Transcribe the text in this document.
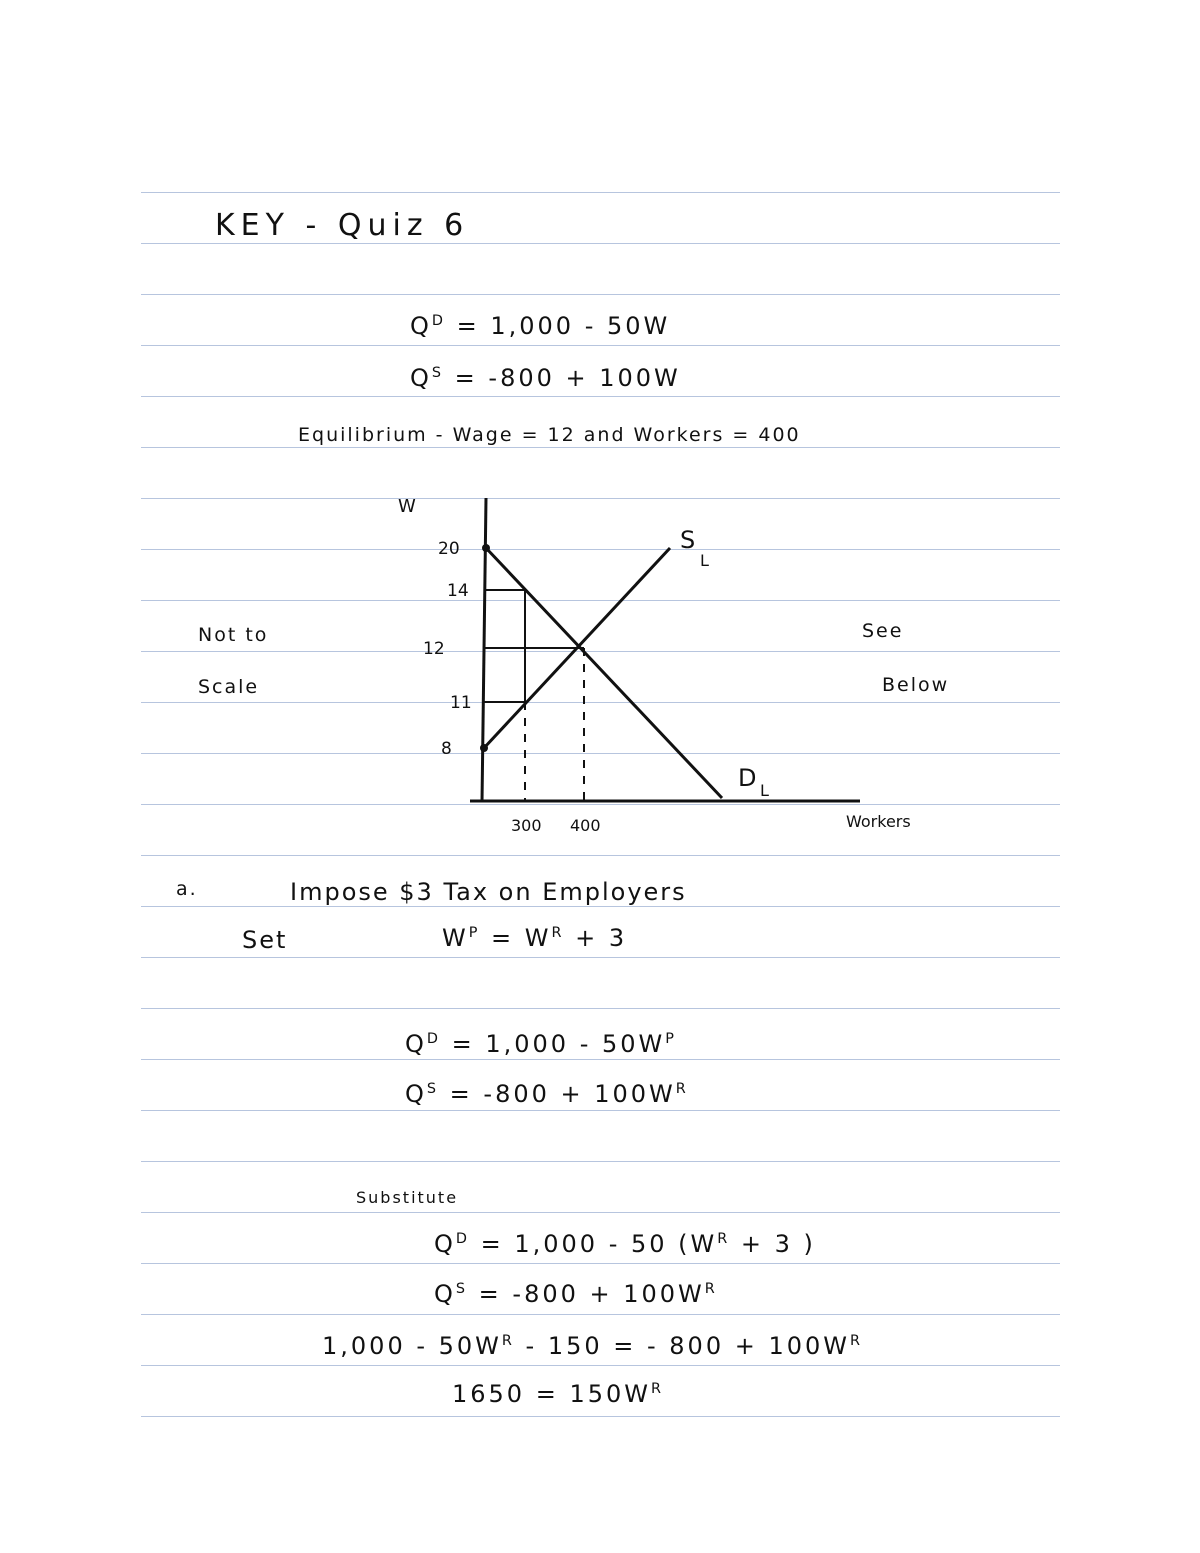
KEY - Quiz 6
$Q^D = 1,000 - 50W$
$Q^S = -800 + 100W$
Equilibrium - Wage = 12 and Workers = 400
Not to
Scale
See
Below
W
20
14
12
11
8
300 400
S
L
D L
Workers
a.	Impose $3 Tax on Employers
Set	$W^P = W^R + 3$
$Q^D = 1,000 - 50W^P$
$Q^S = -800 + 100W^R$
Substitute
$Q^D = 1,000 - 50$ ($W^R + 3$ )
$Q^S = -800 + 100W^R$
$1,000 - 50W^R - 150$ = - $800 + 100W^R$
$1650 = 150W^R$
